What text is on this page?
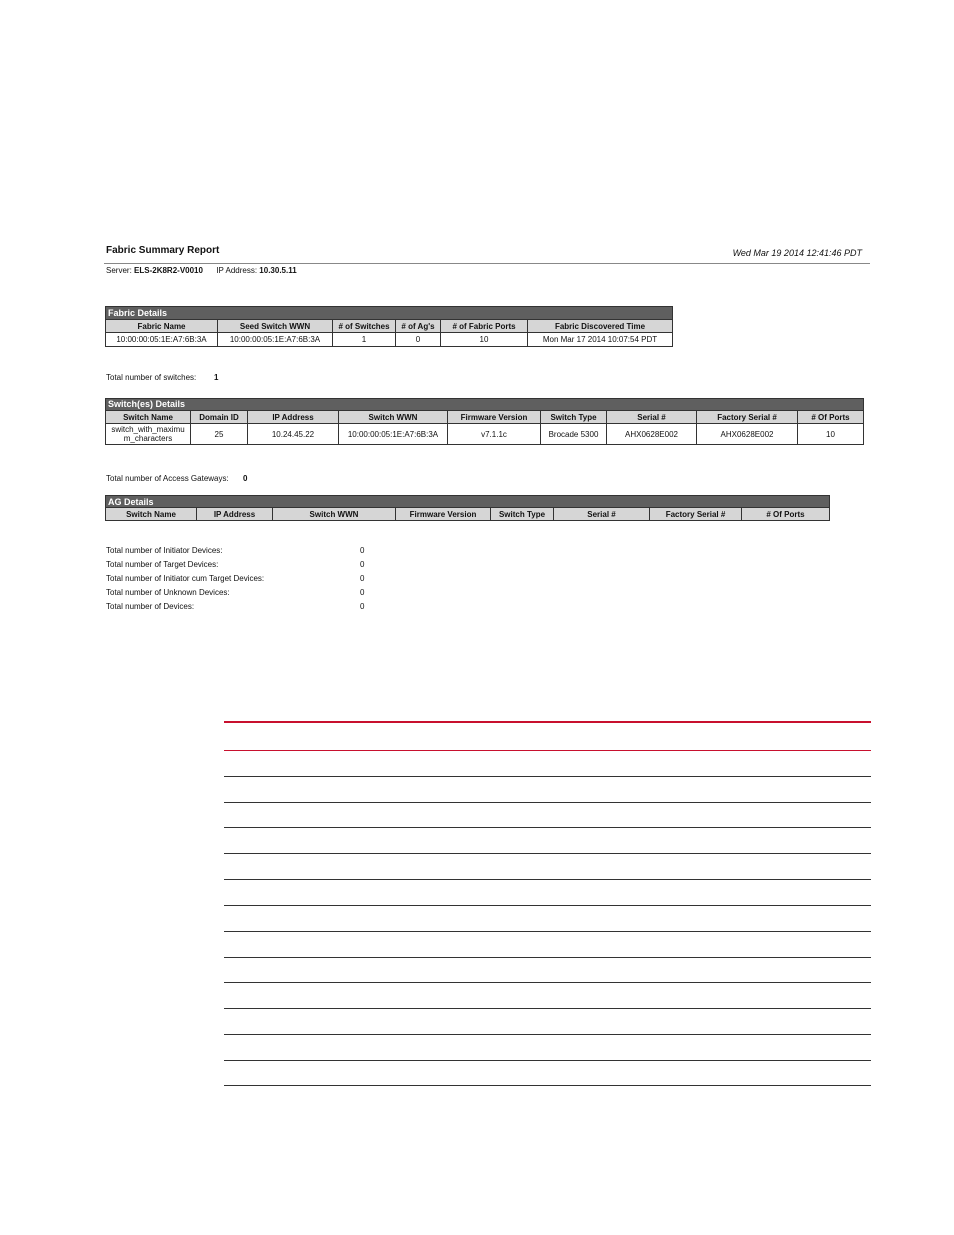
Fabric Summary Report	Wed Mar 19 2014 12:41:46 PDT
Server: ELS-2K8R2-V0010 IP Address: 10.30.5.11
Fabric Details					
Fabric Name	Seed Switch WWN	# of Switches	# of Ag's	# of Fabric Ports	Fabric Discovered Time
10:00:00:05:1E:A7:6B:3A	10:00:00:05:1E:A7:6B:3A	1	0	10	Mon Mar 17 2014 10:07:54 PDT
Total number of switches: 1
Switch(es) Details								
Switch Name	Domain ID	IP Address	Switch WWN	Firmware Version	Switch Type	Serial #	Factory Serial #	# Of Ports
switch_with_maximu m_characters	25	10.24.45.22	10:00:00:05:1E:A7:6B:3A	v7.1.1c	Brocade 5300	AHX0628E002	AHX0628E002	10
Total number of Access Gateways: 0
AG Details
Switch Name	IP Address	Switch WWN	Firmware Version	Switch Type	Serial #	Factory Serial #	# Of Ports
Total number of Initiator Devices:	0
Total number of Target Devices:	0
Total number of Initiator cum Target Devices:	0
Total number of Unknown Devices:	0
Total number of Devices:	0
